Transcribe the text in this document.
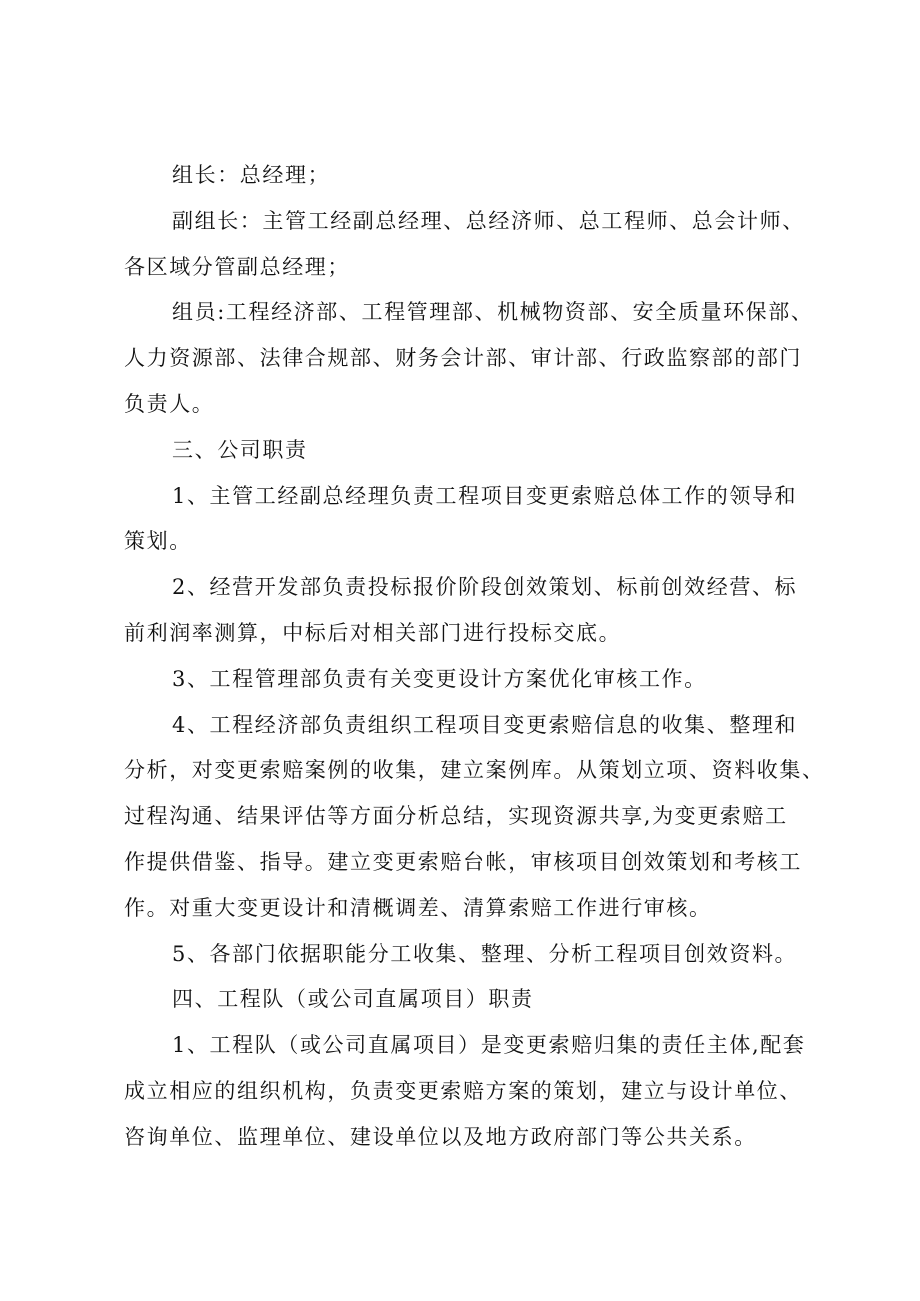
组长：总经理；
副组长：主管工经副总经理、总经济师、总工程师、总会计师、
各区域分管副总经理；
组员:工程经济部、工程管理部、机械物资部、安全质量环保部、
人力资源部、法律合规部、财务会计部、审计部、行政监察部的部门
负责人。
三、公司职责
1、主管工经副总经理负责工程项目变更索赔总体工作的领导和
策划。
2、经营开发部负责投标报价阶段创效策划、标前创效经营、标
前利润率测算，中标后对相关部门进行投标交底。
3、工程管理部负责有关变更设计方案优化审核工作。
4、工程经济部负责组织工程项目变更索赔信息的收集、整理和
分析，对变更索赔案例的收集，建立案例库。从策划立项、资料收集、
过程沟通、结果评估等方面分析总结，实现资源共享,为变更索赔工
作提供借鉴、指导。建立变更索赔台帐，审核项目创效策划和考核工
作。对重大变更设计和清概调差、清算索赔工作进行审核。
5、各部门依据职能分工收集、整理、分析工程项目创效资料。
四、工程队（或公司直属项目）职责
1、工程队（或公司直属项目）是变更索赔归集的责任主体,配套
成立相应的组织机构，负责变更索赔方案的策划，建立与设计单位、
咨询单位、监理单位、建设单位以及地方政府部门等公共关系。
